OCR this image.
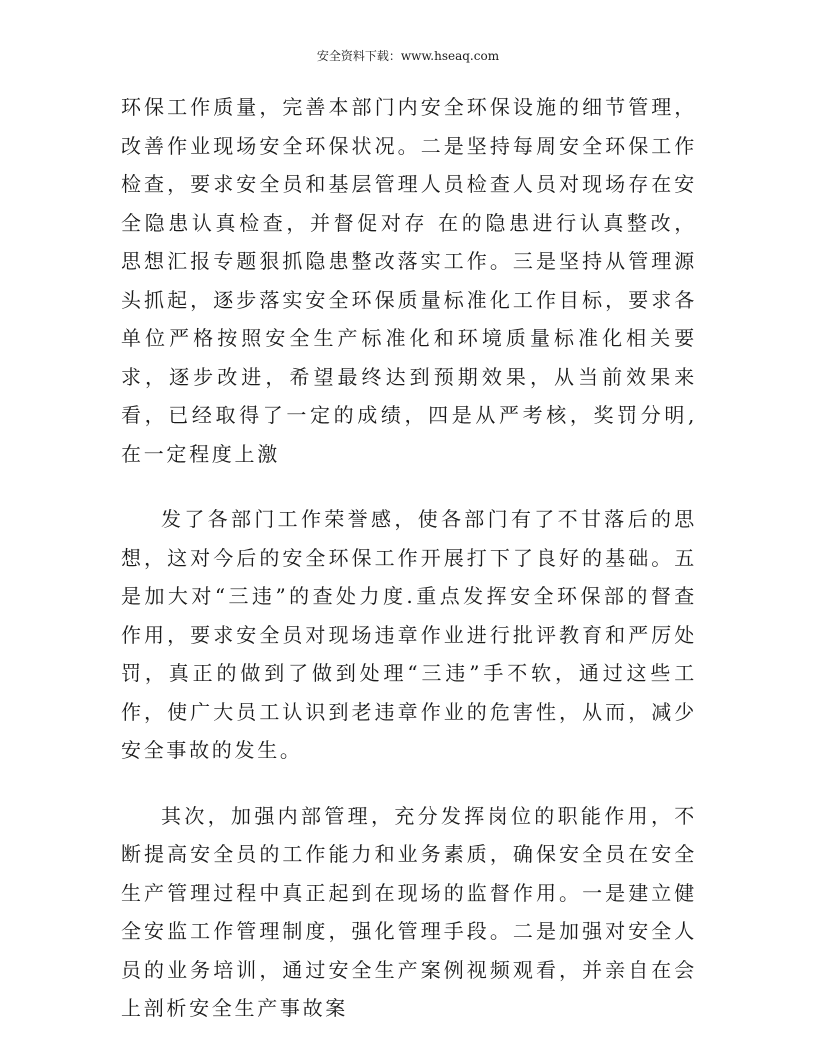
安全资料下载：www.hseaq.com

环保工作质量，完善本部门内安全环保设施的细节管理，改善作业现场安全环保状况。二是坚持每周安全环保工作检查，要求安全员和基层管理人员检查人员对现场存在安全隐患认真检查，并督促对存 在的隐患进行认真整改，思想汇报专题狠抓隐患整改落实工作。三是坚持从管理源头抓起，逐步落实安全环保质量标准化工作目标，要求各单位严格按照安全生产标准化和环境质量标准化相关要求，逐步改进，希望最终达到预期效果，从当前效果来看，已经取得了一定的成绩，四是从严考核，奖罚分明,在一定程度上激

发了各部门工作荣誉感，使各部门有了不甘落后的思想，这对今后的安全环保工作开展打下了良好的基础。五是加大对“三违”的查处力度.重点发挥安全环保部的督查作用，要求安全员对现场违章作业进行批评教育和严厉处罚，真正的做到了做到处理“三违”手不软，通过这些工作，使广大员工认识到老违章作业的危害性，从而，减少安全事故的发生。

其次，加强内部管理，充分发挥岗位的职能作用，不断提高安全员的工作能力和业务素质，确保安全员在安全生产管理过程中真正起到在现场的监督作用。一是建立健全安监工作管理制度，强化管理手段。二是加强对安全人员的业务培训，通过安全生产案例视频观看，并亲自在会上剖析安全生产事故案
